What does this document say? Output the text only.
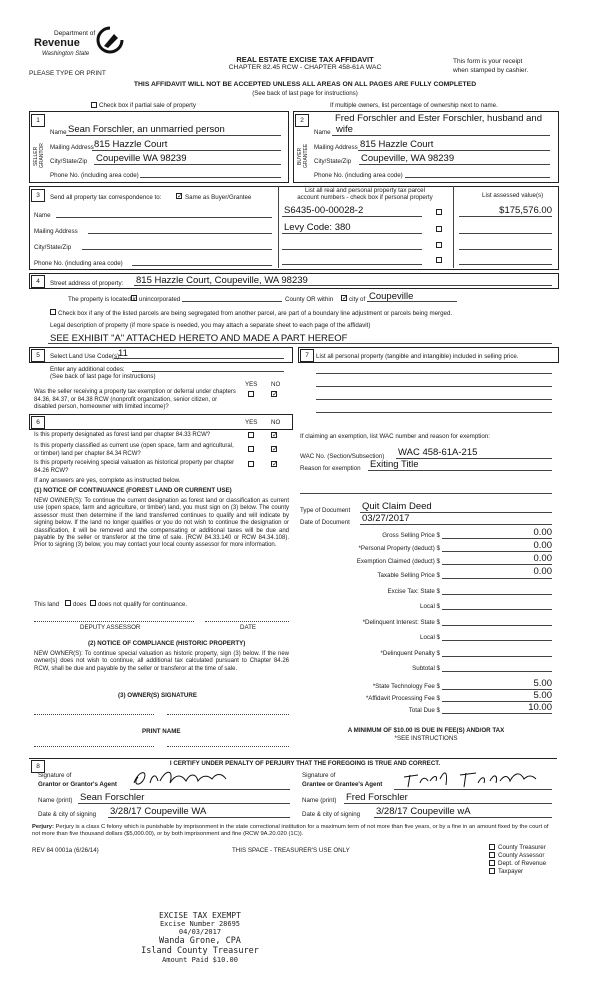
Department of
Revenue
Washington State
PLEASE TYPE OR PRINT
REAL ESTATE EXCISE TAX AFFIDAVIT
CHAPTER 82.45 RCW - CHAPTER 458-61A WAC
This form is your receipt
when stamped by cashier.
THIS AFFIDAVIT WILL NOT BE ACCEPTED UNLESS ALL AREAS ON ALL PAGES ARE FULLY COMPLETED
(See back of last page for instructions)
Check box if partial sale of property	If multiple owners, list percentage of ownership next to name.
1
SELLER GRANTOR
Name Sean Forschler, an unmarried person
Mailing Address 815 Hazzle Court
City/State/Zip Coupeville WA 98239
Phone No. (including area code)
2
BUYER GRANTEE
Fred Forschler and Ester Forschler, husband and
Name wife
Mailing Address 815 Hazzle Court
City/State/Zip Coupeville, WA 98239
Phone No. (including area code)
3	Send all property tax correspondence to: ✓ Same as Buyer/Grantee
List all real and personal property tax parcel
account numbers - check box if personal property	List assessed value(s)
Name
Mailing Address
City/State/Zip
Phone No. (including area code)
S6435-00-00028-2	$175,576.00
Levy Code: 380
4	Street address of property: 815 Hazzle Court, Coupeville, WA 98239
The property is located in unincorporated	County OR within ✓ city of Coupeville
Check box if any of the listed parcels are being segregated from another parcel, are part of a boundary line adjustment or parcels being merged.
Legal description of property (if more space is needed, you may attach a separate sheet to each page of the affidavit)
SEE EXHIBIT "A" ATTACHED HERETO AND MADE A PART HEREOF
5	Select Land Use Code(s):
11
Enter any additional codes:
(See back of last page for instructions)
YES NO
Was the seller receiving a property tax exemption or deferral under chapters 84.36, 84.37, or 84.38 RCW (nonprofit organization, senior citizen, or disabled person, homeowner with limited income)?
✓
7	List all personal property (tangible and intangible) included in selling price.
6	YES NO
Is this property designated as forest land per chapter 84.33 RCW?	✓
Is this property classified as current use (open space, farm and agricultural, or timber) land per chapter 84.34 RCW?
✓
Is this property receiving special valuation as historical property per chapter 84.26 RCW?
✓
If any answers are yes, complete as instructed below.
(1) NOTICE OF CONTINUANCE (FOREST LAND OR CURRENT USE)
NEW OWNER(S): To continue the current designation as forest land or classification as current use (open space, farm and agriculture, or timber) land, you must sign on (3) below. The county assessor must then determine if the land transferred continues to qualify and will indicate by signing below. If the land no longer qualifies or you do not wish to continue the designation or classification, it will be removed and the compensating or additional taxes will be due and payable by the seller or transferor at the time of sale. (RCW 84.33.140 or RCW 84.34.108). Prior to signing (3) below, you may contact your local county assessor for more information.
This land does does not qualify for continuance.
DEPUTY ASSESSOR	DATE
(2) NOTICE OF COMPLIANCE (HISTORIC PROPERTY)
NEW OWNER(S): To continue special valuation as historic property, sign (3) below. If the new owner(s) does not wish to continue, all additional tax calculated pursuant to Chapter 84.26 RCW, shall be due and payable by the seller or transferor at the time of sale.
(3) OWNER(S) SIGNATURE
PRINT NAME
If claiming an exemption, list WAC number and reason for exemption:
WAC No. (Section/Subsection) WAC 458-61A-215
Reason for exemption Exiting Title
Type of Document Quit Claim Deed
Date of Document 03/27/2017
Gross Selling Price $	0.00
*Personal Property (deduct) $	0.00
Exemption Claimed (deduct) $	0.00
Taxable Selling Price $	0.00
Excise Tax: State $
Local $
*Delinquent Interest: State $
Local $
*Delinquent Penalty $
Subtotal $
*State Technology Fee $	5.00
*Affidavit Processing Fee $	5.00
Total Due $	10.00
A MINIMUM OF $10.00 IS DUE IN FEE(S) AND/OR TAX
*SEE INSTRUCTIONS
8	I CERTIFY UNDER PENALTY OF PERJURY THAT THE FOREGOING IS TRUE AND CORRECT.
Signature of
Grantor or Grantor's Agent
Name (print) Sean Forschler
Date & city of signing 3/28/17 Coupeville WA
Signature of
Grantee or Grantee's Agent
Name (print) Fred Forschler
Date & city of signing 3/28/17 Coupeville wA
Perjury: Perjury is a class C felony which is punishable by imprisonment in the state correctional institution for a maximum term of not more than five years, or by a fine in an amount fixed by the court of not more than five thousand dollars ($5,000.00), or by both imprisonment and fine (RCW 9A.20.020 (1C)).
REV 84 0001a (6/26/14)	THIS SPACE - TREASURER'S USE ONLY	County Treasurer
County Assessor
Dept. of Revenue
Taxpayer
EXCISE TAX EXEMPT
Excise Number 28695
04/03/2017
Wanda Grone, CPA
Island County Treasurer
Amount Paid $10.00
